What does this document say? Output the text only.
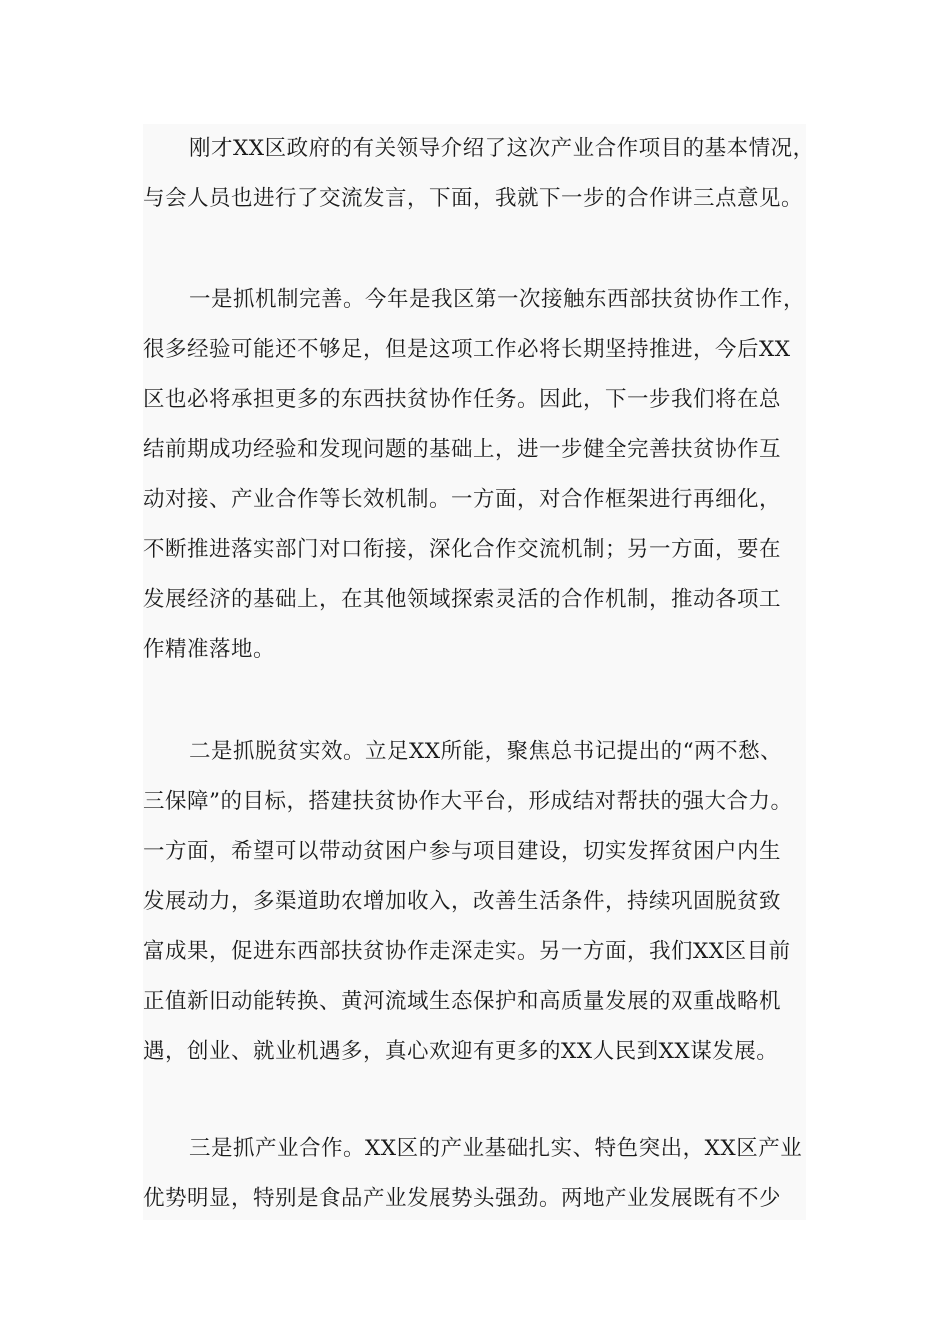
刚才XX区政府的有关领导介绍了这次产业合作项目的基本情况，
与会人员也进行了交流发言，下面，我就下一步的合作讲三点意见。
一是抓机制完善。今年是我区第一次接触东西部扶贫协作工作，
很多经验可能还不够足，但是这项工作必将长期坚持推进，今后XX
区也必将承担更多的东西扶贫协作任务。因此，下一步我们将在总
结前期成功经验和发现问题的基础上，进一步健全完善扶贫协作互
动对接、产业合作等长效机制。一方面，对合作框架进行再细化，
不断推进落实部门对口衔接，深化合作交流机制；另一方面，要在
发展经济的基础上，在其他领域探索灵活的合作机制，推动各项工
作精准落地。
二是抓脱贫实效。立足XX所能，聚焦总书记提出的“两不愁、
三保障”的目标，搭建扶贫协作大平台，形成结对帮扶的强大合力。
一方面，希望可以带动贫困户参与项目建设，切实发挥贫困户内生
发展动力，多渠道助农增加收入，改善生活条件，持续巩固脱贫致
富成果，促进东西部扶贫协作走深走实。另一方面，我们XX区目前
正值新旧动能转换、黄河流域生态保护和高质量发展的双重战略机
遇，创业、就业机遇多，真心欢迎有更多的XX人民到XX谋发展。
三是抓产业合作。XX区的产业基础扎实、特色突出，XX区产业
优势明显，特别是食品产业发展势头强劲。两地产业发展既有不少
